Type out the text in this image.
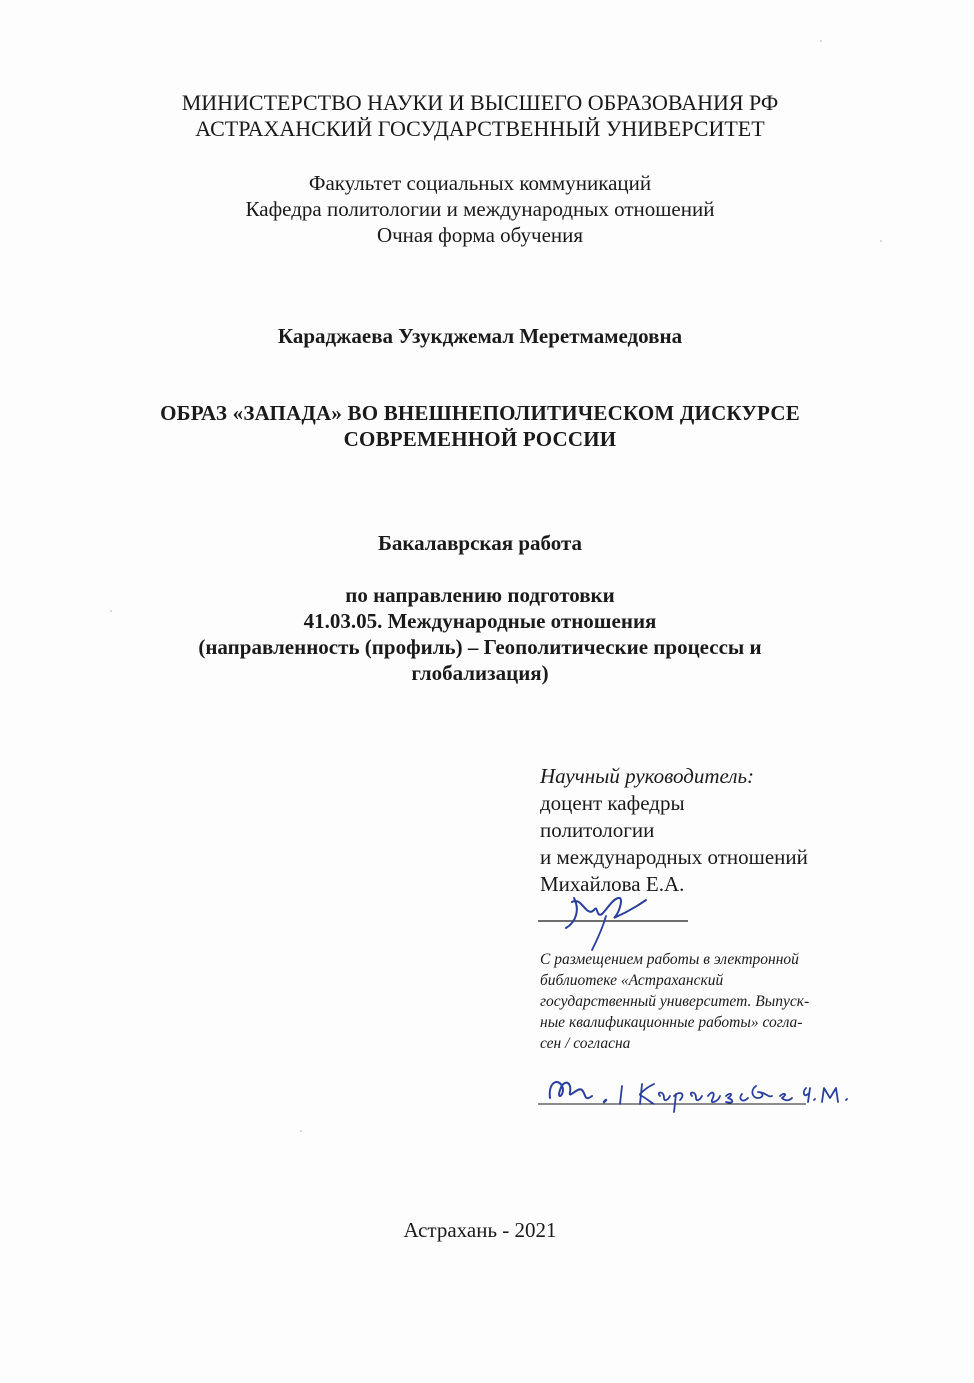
МИНИСТЕРСТВО НАУКИ И ВЫСШЕГО ОБРАЗОВАНИЯ РФ
АСТРАХАНСКИЙ ГОСУДАРСТВЕННЫЙ УНИВЕРСИТЕТ
Факультет социальных коммуникаций
Кафедра политологии и международных отношений
Очная форма обучения
Караджаева Узукджемал Меретмамедовна
ОБРАЗ «ЗАПАДА» ВО ВНЕШНЕПОЛИТИЧЕСКОМ ДИСКУРСЕ
СОВРЕМЕННОЙ РОССИИ
Бакалаврская работа
по направлению подготовки
41.03.05. Международные отношения
(направленность (профиль) – Геополитические процессы и
глобализация)
Научный руководитель:
доцент кафедры
политологии
и международных отношений
Михайлова Е.А.
С размещением работы в электронной
библиотеке «Астраханский
государственный университет. Выпуск-
ные квалификационные работы» согла-
сен / согласна
Астрахань - 2021
